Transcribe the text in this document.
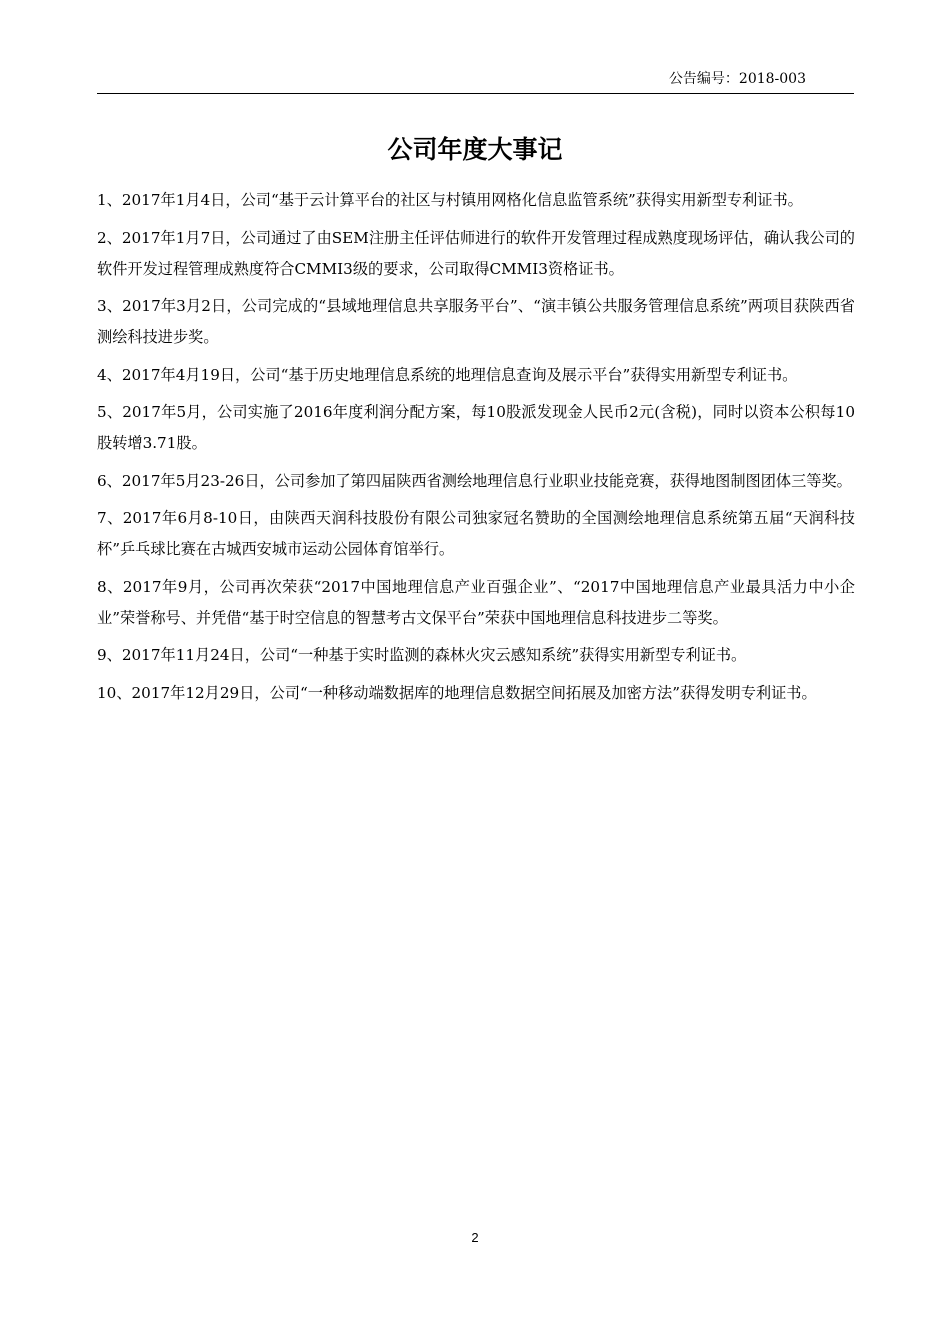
公告编号：2018-003
公司年度大事记
1、2017年1月4日，公司“基于云计算平台的社区与村镇用网格化信息监管系统”获得实用新型专利证书。
2、2017年1月7日，公司通过了由SEM注册主任评估师进行的软件开发管理过程成熟度现场评估，确认我公司的软件开发过程管理成熟度符合CMMI3级的要求，公司取得CMMI3资格证书。
3、2017年3月2日，公司完成的“县域地理信息共享服务平台”、“演丰镇公共服务管理信息系统”两项目获陕西省测绘科技进步奖。
4、2017年4月19日，公司“基于历史地理信息系统的地理信息查询及展示平台”获得实用新型专利证书。
5、2017年5月，公司实施了2016年度利润分配方案，每10股派发现金人民币2元(含税)，同时以资本公积每10股转增3.71股。
6、2017年5月23-26日，公司参加了第四届陕西省测绘地理信息行业职业技能竞赛，获得地图制图团体三等奖。
7、2017年6月8-10日，由陕西天润科技股份有限公司独家冠名赞助的全国测绘地理信息系统第五届“天润科技杯”乒乓球比赛在古城西安城市运动公园体育馆举行。
8、2017年9月，公司再次荣获“2017中国地理信息产业百强企业”、“2017中国地理信息产业最具活力中小企业”荣誉称号、并凭借“基于时空信息的智慧考古文保平台”荣获中国地理信息科技进步二等奖。
9、2017年11月24日，公司“一种基于实时监测的森林火灾云感知系统”获得实用新型专利证书。
10、2017年12月29日，公司“一种移动端数据库的地理信息数据空间拓展及加密方法”获得发明专利证书。
2
